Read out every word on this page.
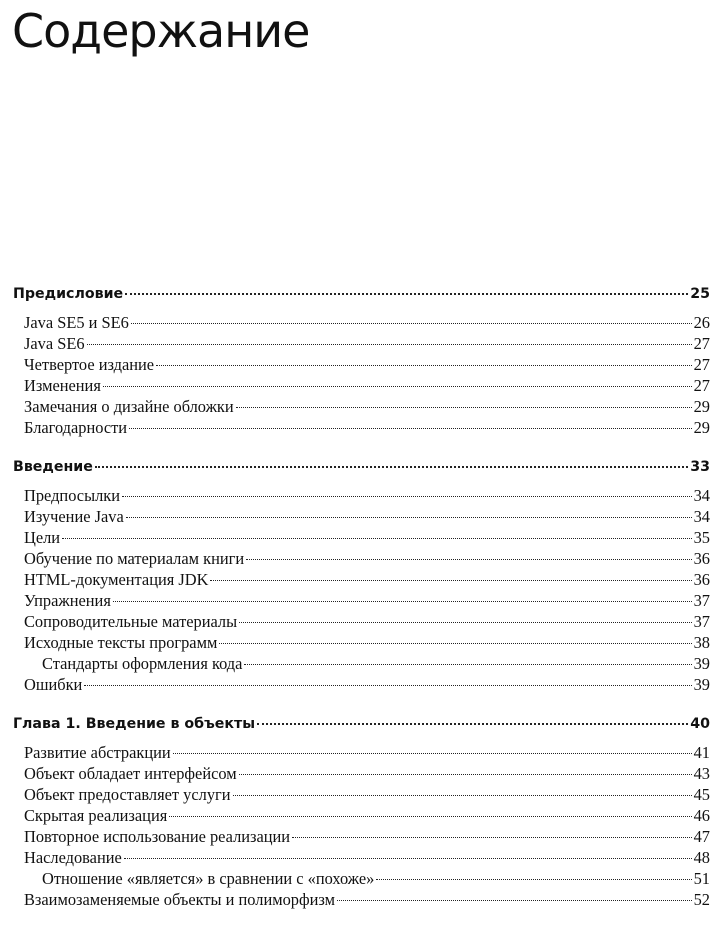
Содержание
Предисловие	25
Java SE5 и SE6	26
Java SE6	27
Четвертое издание	27
Изменения	27
Замечания о дизайне обложки	29
Благодарности	29
Введение	33
Предпосылки	34
Изучение Java	34
Цели	35
Обучение по материалам книги	36
HTML-документация JDK	36
Упражнения	37
Сопроводительные материалы	37
Исходные тексты программ	38
Стандарты оформления кода	39
Ошибки	39
Глава 1. Введение в объекты	40
Развитие абстракции	41
Объект обладает интерфейсом	43
Объект предоставляет услуги	45
Скрытая реализация	46
Повторное использование реализации	47
Наследование	48
Отношение «является» в сравнении с «похоже»	51
Взаимозаменяемые объекты и полиморфизм	52
